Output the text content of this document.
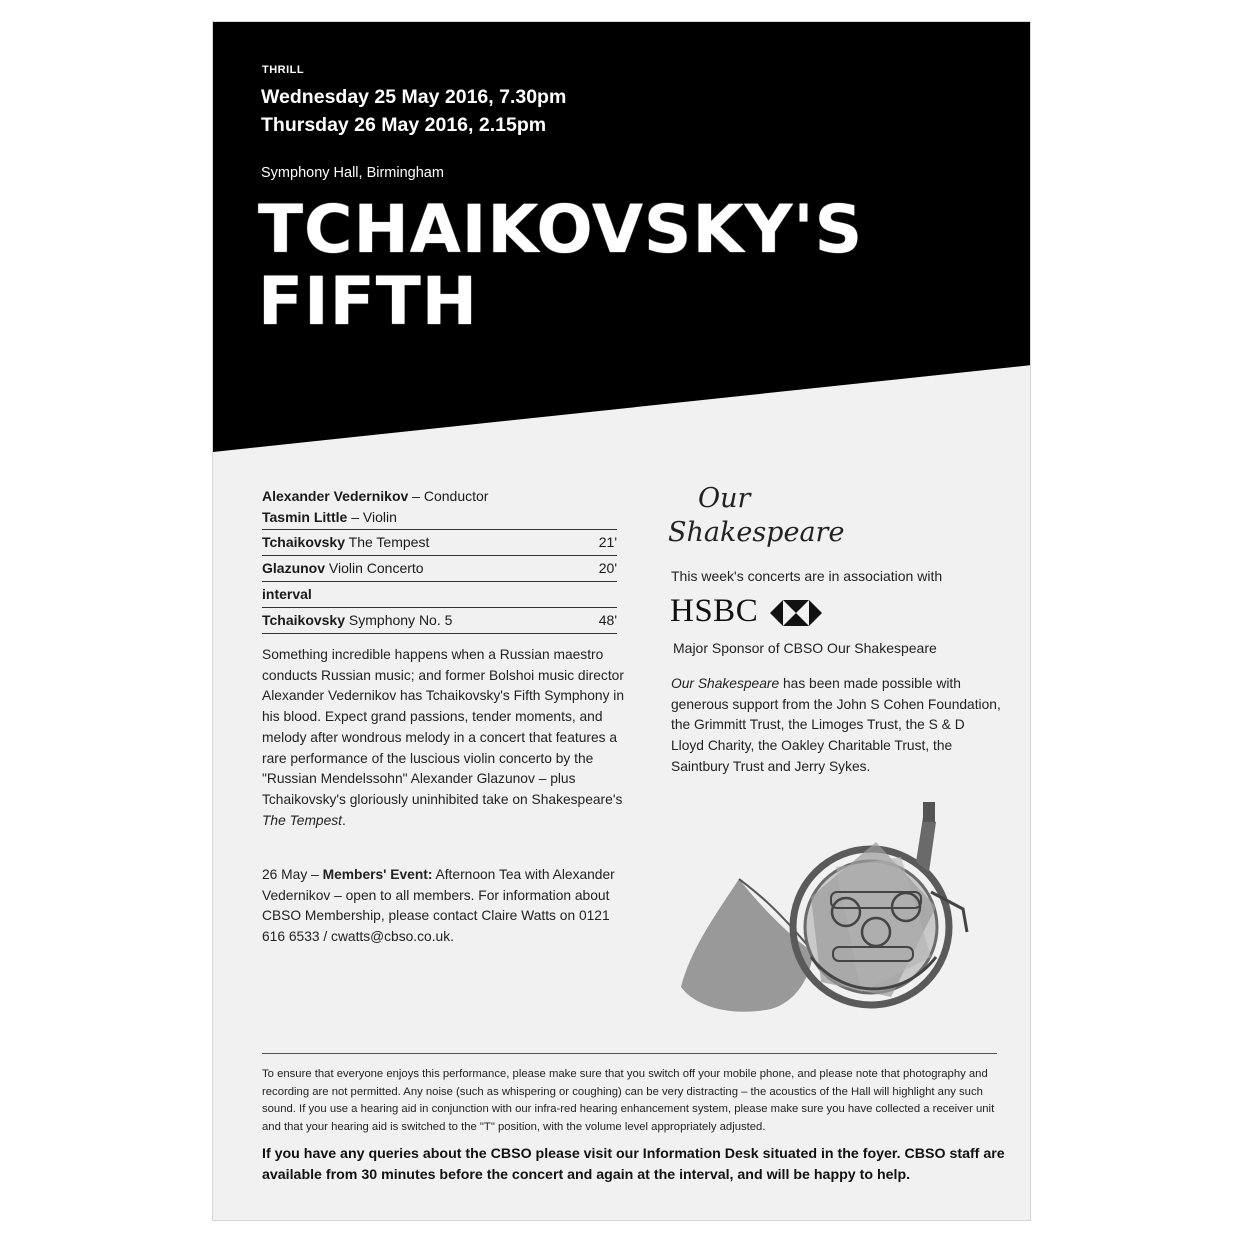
THRILL
Wednesday 25 May 2016, 7.30pm
Thursday 26 May 2016, 2.15pm
Symphony Hall, Birmingham
TCHAIKOVSKY'S
FIFTH
Alexander Vedernikov – Conductor
Tasmin Little – Violin
Tchaikovsky The Tempest	21'
Glazunov Violin Concerto	20'
interval
Tchaikovsky Symphony No. 5	48'
Something incredible happens when a Russian maestro conducts Russian music; and former Bolshoi music director Alexander Vedernikov has Tchaikovsky's Fifth Symphony in his blood. Expect grand passions, tender moments, and melody after wondrous melody in a concert that features a rare performance of the luscious violin concerto by the "Russian Mendelssohn" Alexander Glazunov – plus Tchaikovsky's gloriously uninhibited take on Shakespeare's The Tempest.
26 May – Members' Event: Afternoon Tea with Alexander Vedernikov – open to all members. For information about CBSO Membership, please contact Claire Watts on 0121 616 6533 / cwatts@cbso.co.uk.
Our
Shakespeare
This week's concerts are in association with
HSBC
Major Sponsor of CBSO Our Shakespeare
Our Shakespeare has been made possible with generous support from the John S Cohen Foundation, the Grimmitt Trust, the Limoges Trust, the S & D Lloyd Charity, the Oakley Charitable Trust, the Saintbury Trust and Jerry Sykes.
To ensure that everyone enjoys this performance, please make sure that you switch off your mobile phone, and please note that photography and recording are not permitted. Any noise (such as whispering or coughing) can be very distracting – the acoustics of the Hall will highlight any such sound. If you use a hearing aid in conjunction with our infra-red hearing enhancement system, please make sure you have collected a receiver unit and that your hearing aid is switched to the "T" position, with the volume level appropriately adjusted.
If you have any queries about the CBSO please visit our Information Desk situated in the foyer. CBSO staff are available from 30 minutes before the concert and again at the interval, and will be happy to help.
